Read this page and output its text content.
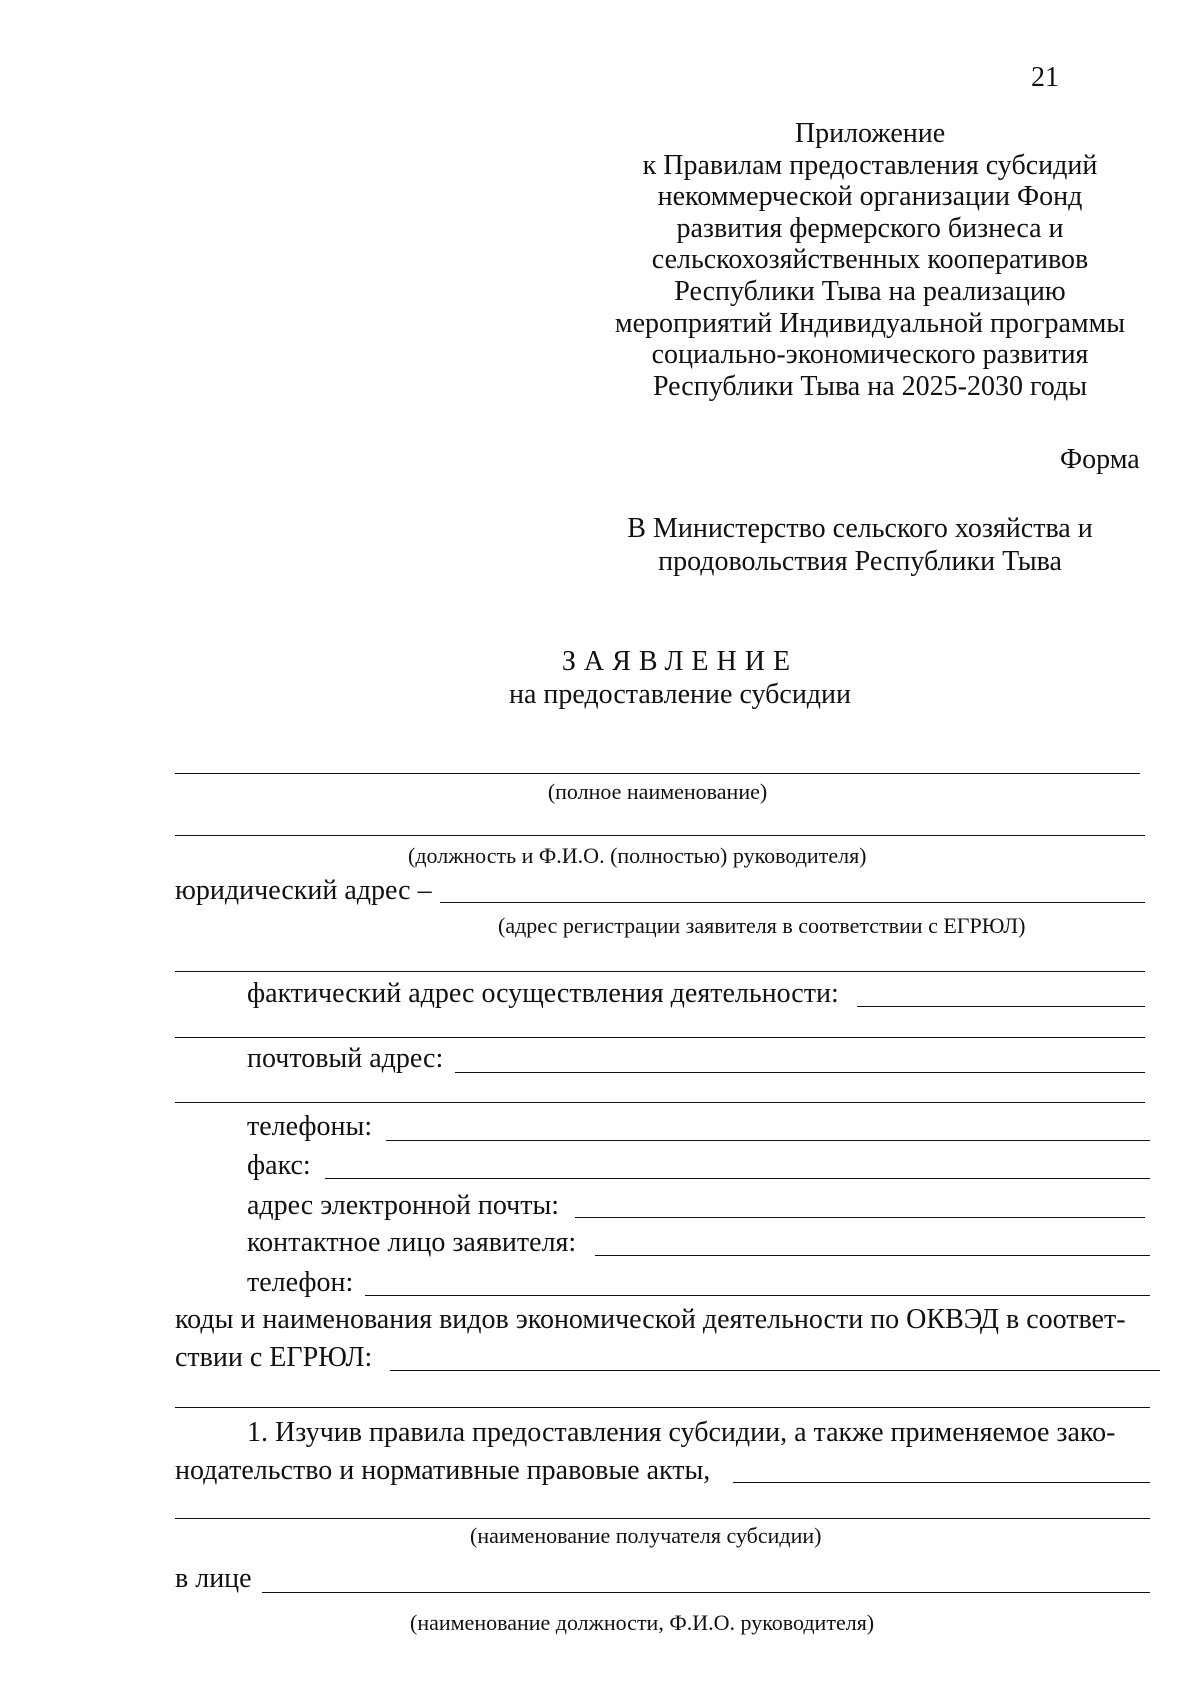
21
Приложение
к Правилам предоставления субсидий
некоммерческой организации Фонд
развития фермерского бизнеса и
сельскохозяйственных кооперативов
Республики Тыва на реализацию
мероприятий Индивидуальной программы
социально-экономического развития
Республики Тыва на 2025-2030 годы
Форма
В Министерство сельского хозяйства и
продовольствия Республики Тыва
ЗАЯВЛЕНИЕ
на предоставление субсидии
(полное наименование)
(должность и Ф.И.О. (полностью) руководителя)
юридический адрес –
(адрес регистрации заявителя в соответствии с ЕГРЮЛ)
фактический адрес осуществления деятельности:
почтовый адрес:
телефоны:
факс:
адрес электронной почты:
контактное лицо заявителя:
телефон:
коды и наименования видов экономической деятельности по ОКВЭД в соответ-
ствии с ЕГРЮЛ:
1. Изучив правила предоставления субсидии, а также применяемое зако-
нодательство и нормативные правовые акты,
(наименование получателя субсидии)
в лице
(наименование должности, Ф.И.О. руководителя)
